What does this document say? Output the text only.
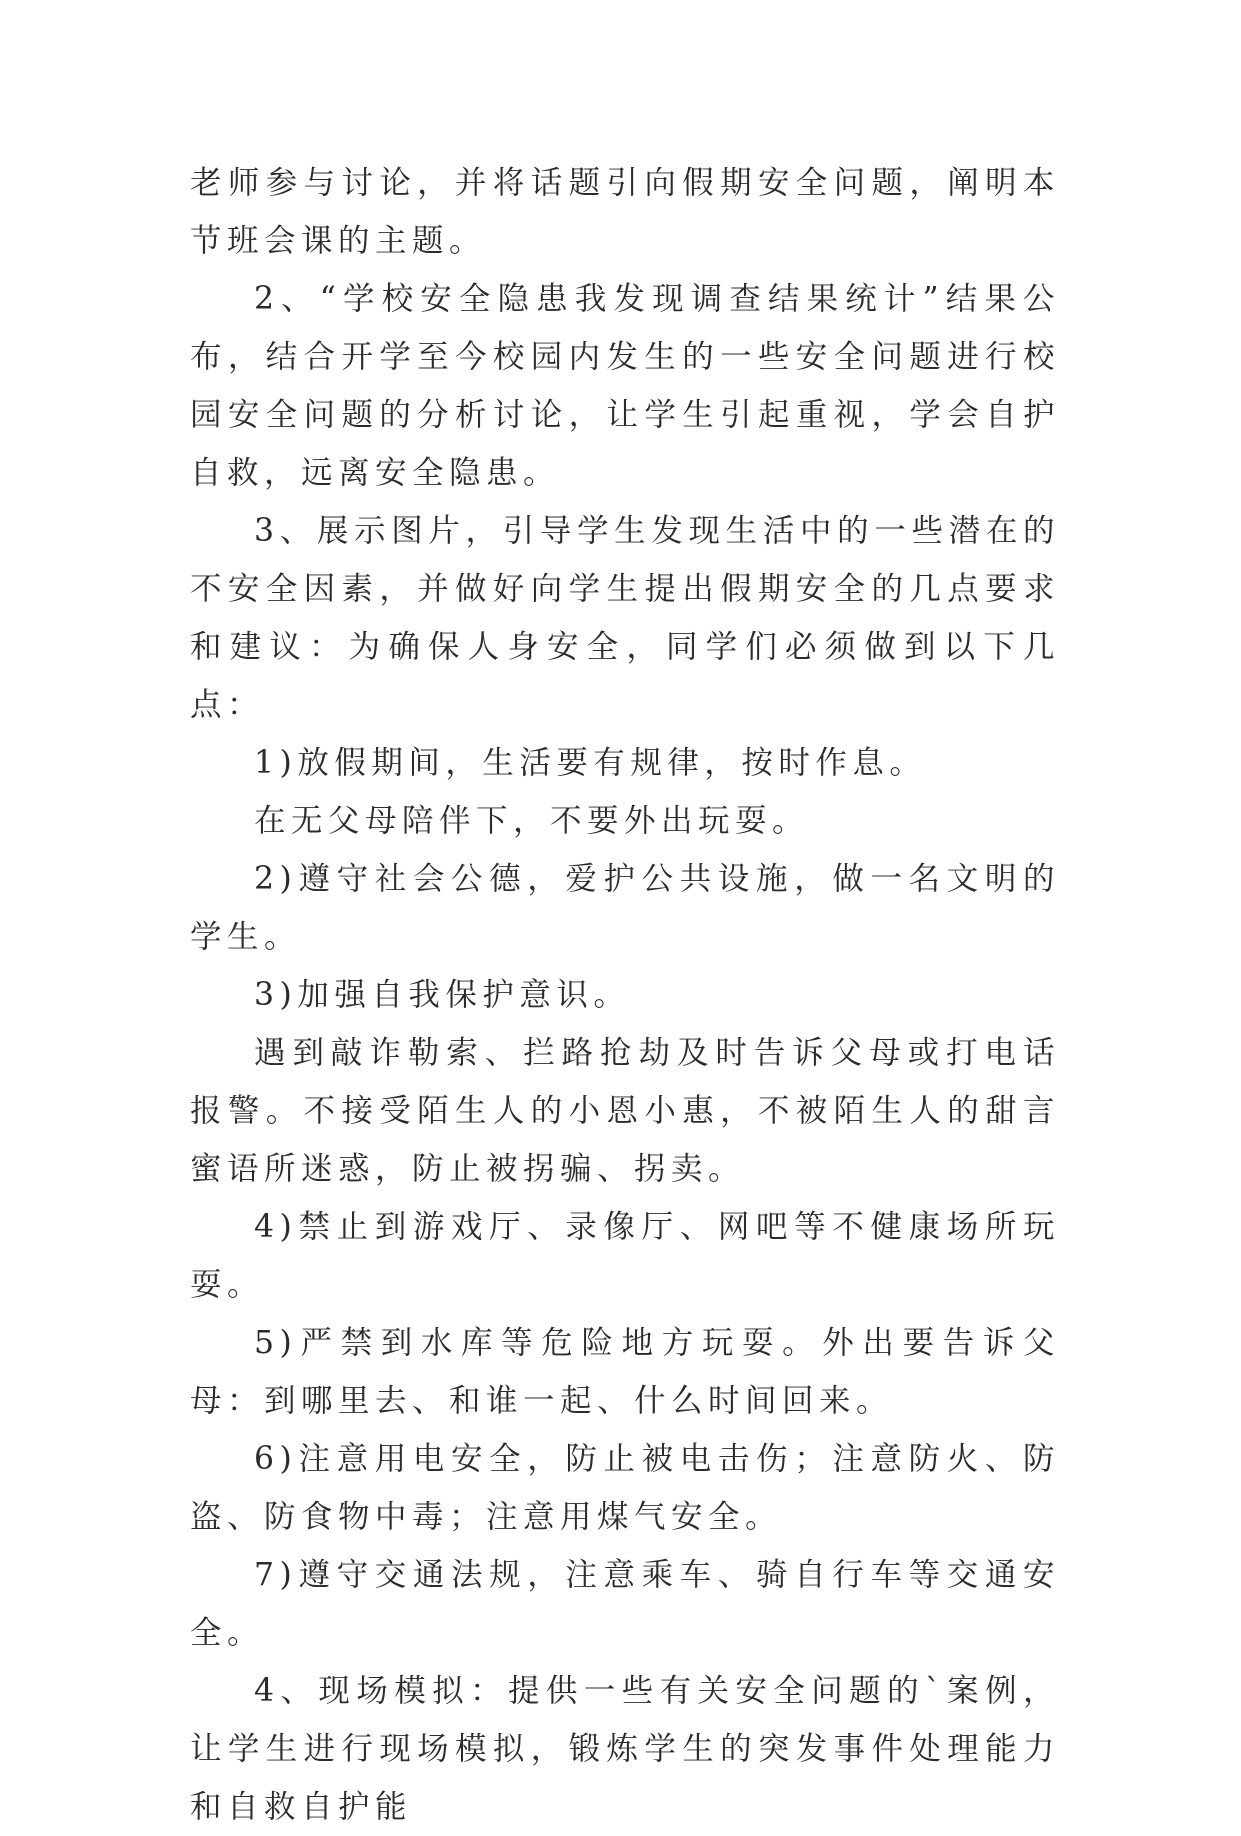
老师参与讨论，并将话题引向假期安全问题，阐明本节班会课的主题。

2、“学校安全隐患我发现调查结果统计”结果公布，结合开学至今校园内发生的一些安全问题进行校园安全问题的分析讨论，让学生引起重视，学会自护自救，远离安全隐患。

3、展示图片，引导学生发现生活中的一些潜在的不安全因素，并做好向学生提出假期安全的几点要求和建议：为确保人身安全，同学们必须做到以下几点：

1)放假期间，生活要有规律，按时作息。

在无父母陪伴下，不要外出玩耍。

2)遵守社会公德，爱护公共设施，做一名文明的学生。

3)加强自我保护意识。

遇到敲诈勒索、拦路抢劫及时告诉父母或打电话报警。不接受陌生人的小恩小惠，不被陌生人的甜言蜜语所迷惑，防止被拐骗、拐卖。

4)禁止到游戏厅、录像厅、网吧等不健康场所玩耍。

5)严禁到水库等危险地方玩耍。外出要告诉父母：到哪里去、和谁一起、什么时间回来。

6)注意用电安全，防止被电击伤；注意防火、防盗、防食物中毒；注意用煤气安全。

7)遵守交通法规，注意乘车、骑自行车等交通安全。

4、现场模拟：提供一些有关安全问题的`案例，让学生进行现场模拟，锻炼学生的突发事件处理能力和自救自护能
